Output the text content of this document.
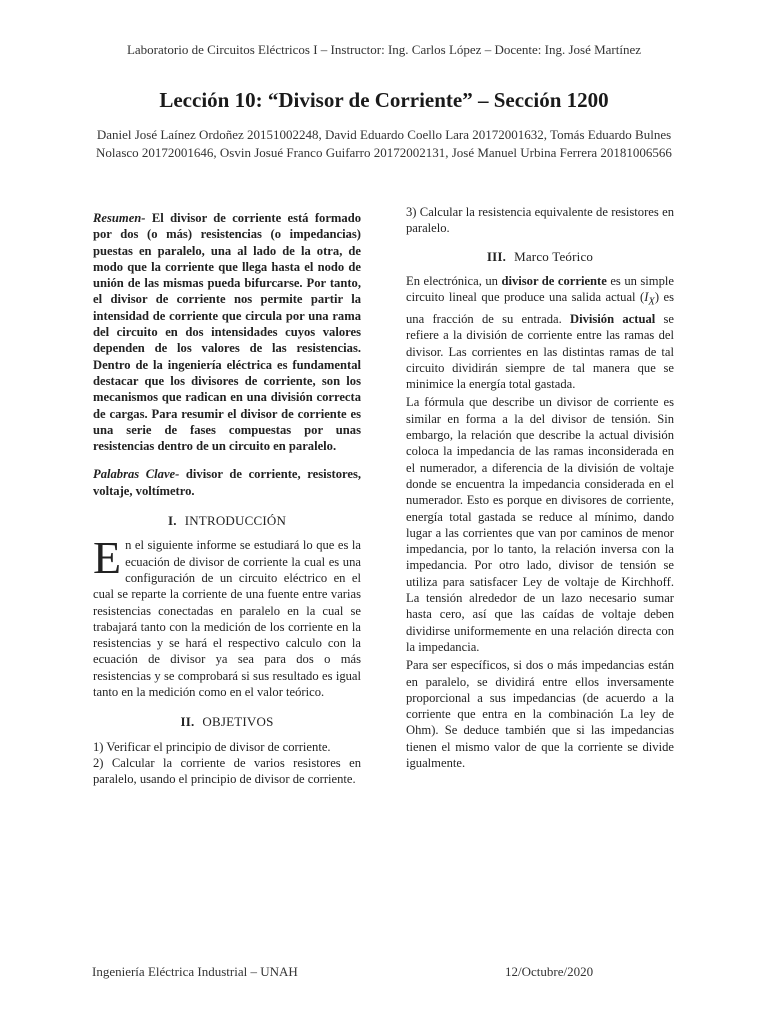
Laboratorio de Circuitos Eléctricos I – Instructor: Ing. Carlos López – Docente: Ing. José Martínez
Lección 10: “Divisor de Corriente” – Sección 1200
Daniel José Laínez Ordoñez 20151002248, David Eduardo Coello Lara 20172001632, Tomás Eduardo Bulnes Nolasco 20172001646, Osvin Josué Franco Guifarro 20172002131, José Manuel Urbina Ferrera 20181006566

Resumen- El divisor de corriente está formado por dos (o más) resistencias (o impedancias) puestas en paralelo, una al lado de la otra, de modo que la corriente que llega hasta el nodo de unión de las mismas pueda bifurcarse. Por tanto, el divisor de corriente nos permite partir la intensidad de corriente que circula por una rama del circuito en dos intensidades cuyos valores dependen de los valores de las resistencias. Dentro de la ingeniería eléctrica es fundamental destacar que los divisores de corriente, son los mecanismos que radican en una división correcta de cargas. Para resumir el divisor de corriente es una serie de fases compuestas por unas resistencias dentro de un circuito en paralelo.

Palabras Clave- divisor de corriente, resistores, voltaje, voltímetro.

I. INTRODUCCIÓN

En el siguiente informe se estudiará lo que es la ecuación de divisor de corriente la cual es una configuración de un circuito eléctrico en el cual se reparte la corriente de una fuente entre varias resistencias conectadas en paralelo en la cual se trabajará tanto con la medición de los corriente en la resistencias y se hará el respectivo calculo con la ecuación de divisor ya sea para dos o más resistencias y se comprobará si sus resultado es igual tanto en la medición como en el valor teórico.

II. OBJETIVOS

1) Verificar el principio de divisor de corriente.

2) Calcular la corriente de varios resistores en paralelo, usando el principio de divisor de corriente.

3) Calcular la resistencia equivalente de resistores en paralelo.

III. Marco Teórico

En electrónica, un divisor de corriente es un simple circuito lineal que produce una salida actual $(I_X)$ es una fracción de su entrada. División actual se refiere a la división de corriente entre las ramas del divisor. Las corrientes en las distintas ramas de tal circuito dividirán siempre de tal manera que se minimice la energía total gastada.

La fórmula que describe un divisor de corriente es similar en forma a la del divisor de tensión. Sin embargo, la relación que describe la actual división coloca la impedancia de las ramas inconsiderada en el numerador, a diferencia de la división de voltaje donde se encuentra la impedancia considerada en el numerador. Esto es porque en divisores de corriente, energía total gastada se reduce al mínimo, dando lugar a las corrientes que van por caminos de menor impedancia, por lo tanto, la relación inversa con la impedancia. Por otro lado, divisor de tensión se utiliza para satisfacer Ley de voltaje de Kirchhoff. La tensión alrededor de un lazo necesario sumar hasta cero, así que las caídas de voltaje deben dividirse uniformemente en una relación directa con la impedancia.

Para ser específicos, si dos o más impedancias están en paralelo, se dividirá entre ellos inversamente proporcional a sus impedancias (de acuerdo a la corriente que entra en la combinación La ley de Ohm). Se deduce también que si las impedancias tienen el mismo valor de que la corriente se divide igualmente.

Ingeniería Eléctrica Industrial – UNAH	12/Octubre/2020
